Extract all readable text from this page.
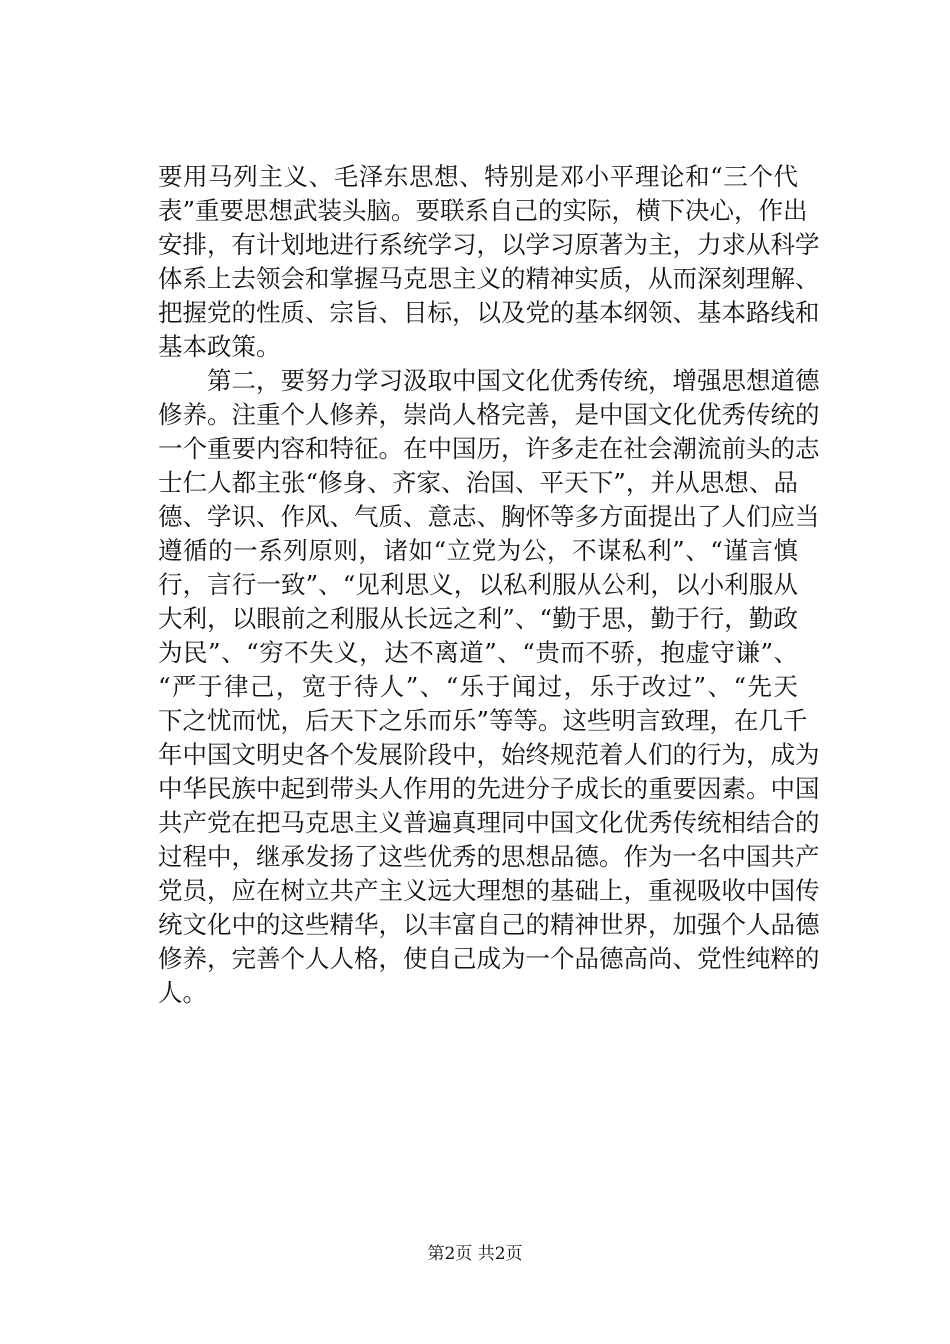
要用马列主义、毛泽东思想、特别是邓小平理论和“三个代
表”重要思想武装头脑。要联系自己的实际，横下决心，作出
安排，有计划地进行系统学习，以学习原著为主，力求从科学
体系上去领会和掌握马克思主义的精神实质，从而深刻理解、
把握党的性质、宗旨、目标，以及党的基本纲领、基本路线和
基本政策。
　　第二，要努力学习汲取中国文化优秀传统，增强思想道德
修养。注重个人修养，崇尚人格完善，是中国文化优秀传统的
一个重要内容和特征。在中国历，许多走在社会潮流前头的志
士仁人都主张“修身、齐家、治国、平天下”，并从思想、品
德、学识、作风、气质、意志、胸怀等多方面提出了人们应当
遵循的一系列原则，诸如“立党为公，不谋私利”、“谨言慎
行，言行一致”、“见利思义，以私利服从公利，以小利服从
大利，以眼前之利服从长远之利”、“勤于思，勤于行，勤政
为民”、“穷不失义，达不离道”、“贵而不骄，抱虚守谦”、
“严于律己，宽于待人”、“乐于闻过，乐于改过”、“先天
下之忧而忧，后天下之乐而乐”等等。这些明言致理，在几千
年中国文明史各个发展阶段中，始终规范着人们的行为，成为
中华民族中起到带头人作用的先进分子成长的重要因素。中国
共产党在把马克思主义普遍真理同中国文化优秀传统相结合的
过程中，继承发扬了这些优秀的思想品德。作为一名中国共产
党员，应在树立共产主义远大理想的基础上，重视吸收中国传
统文化中的这些精华，以丰富自己的精神世界，加强个人品德
修养，完善个人人格，使自己成为一个品德高尚、党性纯粹的
人。
第2页 共2页
